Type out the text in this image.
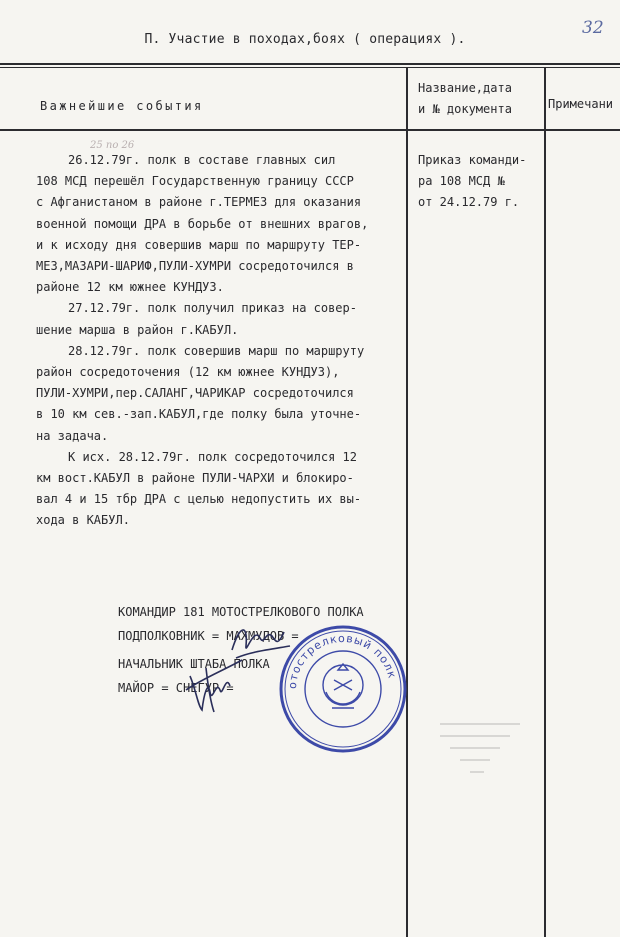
32
П. Участие в походах,боях ( операциях ).
Важнейшие события
Название,дата
и № документа	Примечани
25 по 26
26.12.79г. полк в составе главных сил
108 МСД перешёл Государственную границу СССР
с Афганистаном в районе г.ТЕРМЕЗ для оказания
военной помощи ДРА в борьбе от внешних врагов,
и к исходу дня совершив марш по маршруту ТЕР-
МЕЗ,МАЗАРИ-ШАРИФ,ПУЛИ-ХУМРИ сосредоточился в
районе 12 км южнее КУНДУЗ.
27.12.79г. полк получил приказ на совер-
шение марша в район г.КАБУЛ.
28.12.79г. полк совершив марш по маршруту
район сосредоточения (12 км южнее КУНДУЗ),
ПУЛИ-ХУМРИ,пер.САЛАНГ,ЧАРИКАР сосредоточился
в 10 км сев.-зап.КАБУЛ,где полку была уточне-
на задача.
К исх. 28.12.79г. полк сосредоточился 12
км вост.КАБУЛ в районе ПУЛИ-ЧАРХИ и блокиро-
вал 4 и 15 тбр ДРА с целью недопустить их вы-
хода в КАБУЛ.
Приказ команди-
ра 108 МСД №
от 24.12.79 г.
КОМАНДИР 181 МОТОСТРЕЛКОВОГО ПОЛКА
ПОДПОЛКОВНИК = МАХМУДОВ =
НАЧАЛЬНИК ШТАБА ПОЛКА
МАЙОР = СНЕГУР =	отострелковый полк
